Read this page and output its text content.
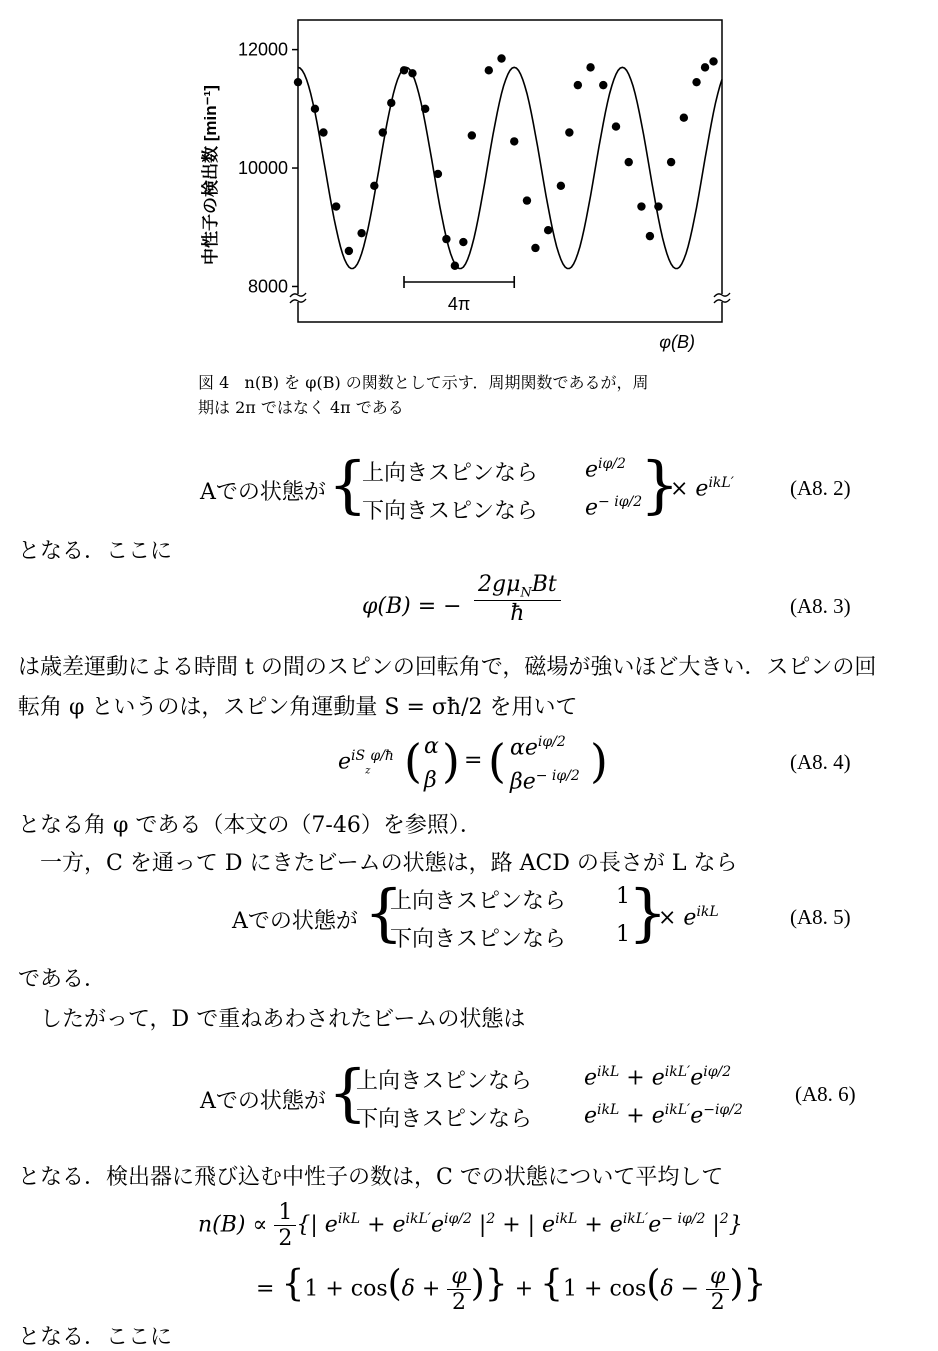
8000
10000
12000
4π
中性子の検出数 [min⁻¹]
φ(B)
図 4 n(B) を φ(B) の関数として示す．周期関数であるが，周
期は 2π ではなく 4π である
Aでの状態が {
上向きスピンなら $e^{i\varphi/2}$
下向きスピンなら $e^{- i\varphi/2}$
}
× $e^{ikL'}$	(A8. 2)
となる．ここに
φ(B) = − $\frac{2g\mu_NBt}{ħ}$	(A8. 3)
は歳差運動による時間 t の間のスピンの回転角で，磁場が強いほど大きい．スピンの回
転角 φ というのは，スピン角運動量 S = σħ/2 を用いて
$e^{iS}_z^{\varphi/ħ}$ ( α
β ) = ( $\alpha e^{i\varphi/2}$
$\beta e^{- i\varphi/2}$ )	(A8. 4)
となる角 φ である（本文の（7-46）を参照）．
一方，C を通って D にきたビームの状態は，路 ACD の長さが L なら
Aでの状態が {
上向きスピンなら 1
下向きスピンなら 1
}
× $e^{ikL}$	(A8. 5)
である．
したがって，D で重ねあわされたビームの状態は
Aでの状態が {
上向きスピンなら $e^{ikL} + e^{ikL'}e^{i\varphi/2}$
下向きスピンなら $e^{ikL} + e^{ikL'}e^{-i\varphi/2}$
(A8. 6)
となる．検出器に飛び込む中性子の数は，C での状態について平均して
$n(B) \propto \frac{1}{2}$ {| $e^{ikL} + e^{ikL'}e^{i\varphi/2}$ $|^2$ + | $e^{ikL} + e^{ikL'}e^{- i\varphi/2}$ $|^2$}
= {$1 + \cos(\delta + \frac{\varphi}{2}$ )} + {$1 + \cos(\delta - \frac{\varphi}{2}$ )}
となる．ここに
